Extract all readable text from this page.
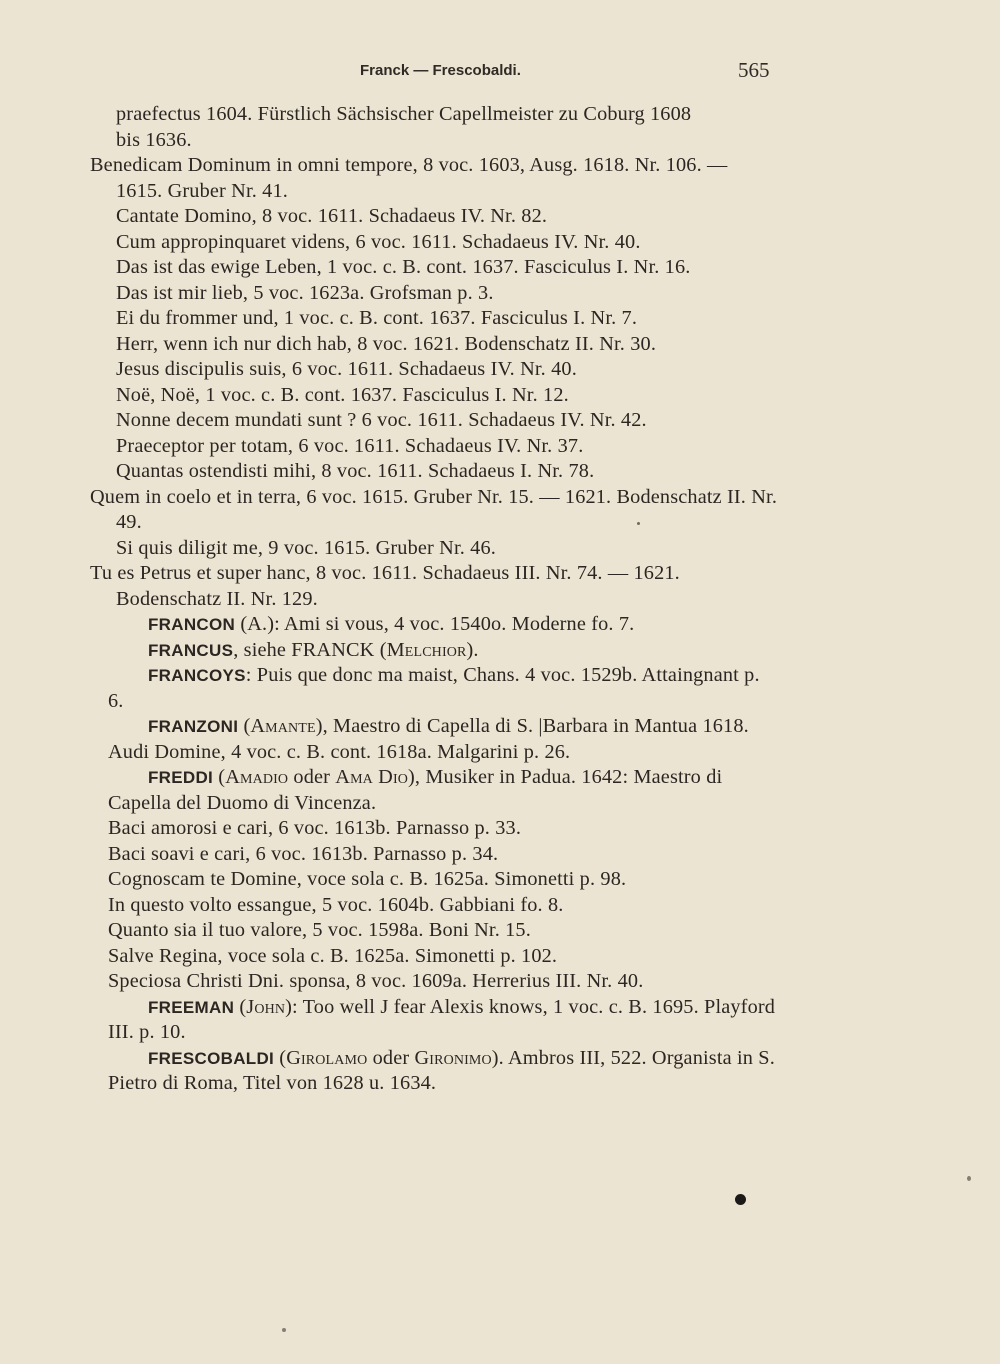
Franck — Frescobaldi.	565

praefectus 1604. Fürstlich Sächsischer Capellmeister zu Coburg 1608

bis 1636.

Benedicam Dominum in omni tempore, 8 voc. 1603, Ausg. 1618. Nr. 106. — 1615. Gruber Nr. 41.

Cantate Domino, 8 voc. 1611. Schadaeus IV. Nr. 82.

Cum appropinquaret videns, 6 voc. 1611. Schadaeus IV. Nr. 40.

Das ist das ewige Leben, 1 voc. c. B. cont. 1637. Fasciculus I. Nr. 16.

Das ist mir lieb, 5 voc. 1623a. Grofsman p. 3.

Ei du frommer und, 1 voc. c. B. cont. 1637. Fasciculus I. Nr. 7.

Herr, wenn ich nur dich hab, 8 voc. 1621. Bodenschatz II. Nr. 30.

Jesus discipulis suis, 6 voc. 1611. Schadaeus IV. Nr. 40.

Noë, Noë, 1 voc. c. B. cont. 1637. Fasciculus I. Nr. 12.

Nonne decem mundati sunt ? 6 voc. 1611. Schadaeus IV. Nr. 42.

Praeceptor per totam, 6 voc. 1611. Schadaeus IV. Nr. 37.

Quantas ostendisti mihi, 8 voc. 1611. Schadaeus I. Nr. 78.

Quem in coelo et in terra, 6 voc. 1615. Gruber Nr. 15. — 1621. Bodenschatz II. Nr. 49.

Si quis diligit me, 9 voc. 1615. Gruber Nr. 46.

Tu es Petrus et super hanc, 8 voc. 1611. Schadaeus III. Nr. 74. — 1621. Bodenschatz II. Nr. 129.

FRANCON (A.): Ami si vous, 4 voc. 1540o. Moderne fo. 7.

FRANCUS, siehe FRANCK (Melchior).

FRANCOYS: Puis que donc ma maist, Chans. 4 voc. 1529b. Attaingnant p. 6.

FRANZONI (Amante), Maestro di Capella di S. |Barbara in Mantua 1618.

Audi Domine, 4 voc. c. B. cont. 1618a. Malgarini p. 26.

FREDDI (Amadio oder Ama Dio), Musiker in Padua. 1642: Maestro di Capella del Duomo di Vincenza.

Baci amorosi e cari, 6 voc. 1613b. Parnasso p. 33.

Baci soavi e cari, 6 voc. 1613b. Parnasso p. 34.

Cognoscam te Domine, voce sola c. B. 1625a. Simonetti p. 98.

In questo volto essangue, 5 voc. 1604b. Gabbiani fo. 8.

Quanto sia il tuo valore, 5 voc. 1598a. Boni Nr. 15.

Salve Regina, voce sola c. B. 1625a. Simonetti p. 102.

Speciosa Christi Dni. sponsa, 8 voc. 1609a. Herrerius III. Nr. 40.

FREEMAN (John): Too well J fear Alexis knows, 1 voc. c. B. 1695. Playford III. p. 10.

FRESCOBALDI (Girolamo oder Gironimo). Ambros III, 522. Organista in S. Pietro di Roma, Titel von 1628 u. 1634.
